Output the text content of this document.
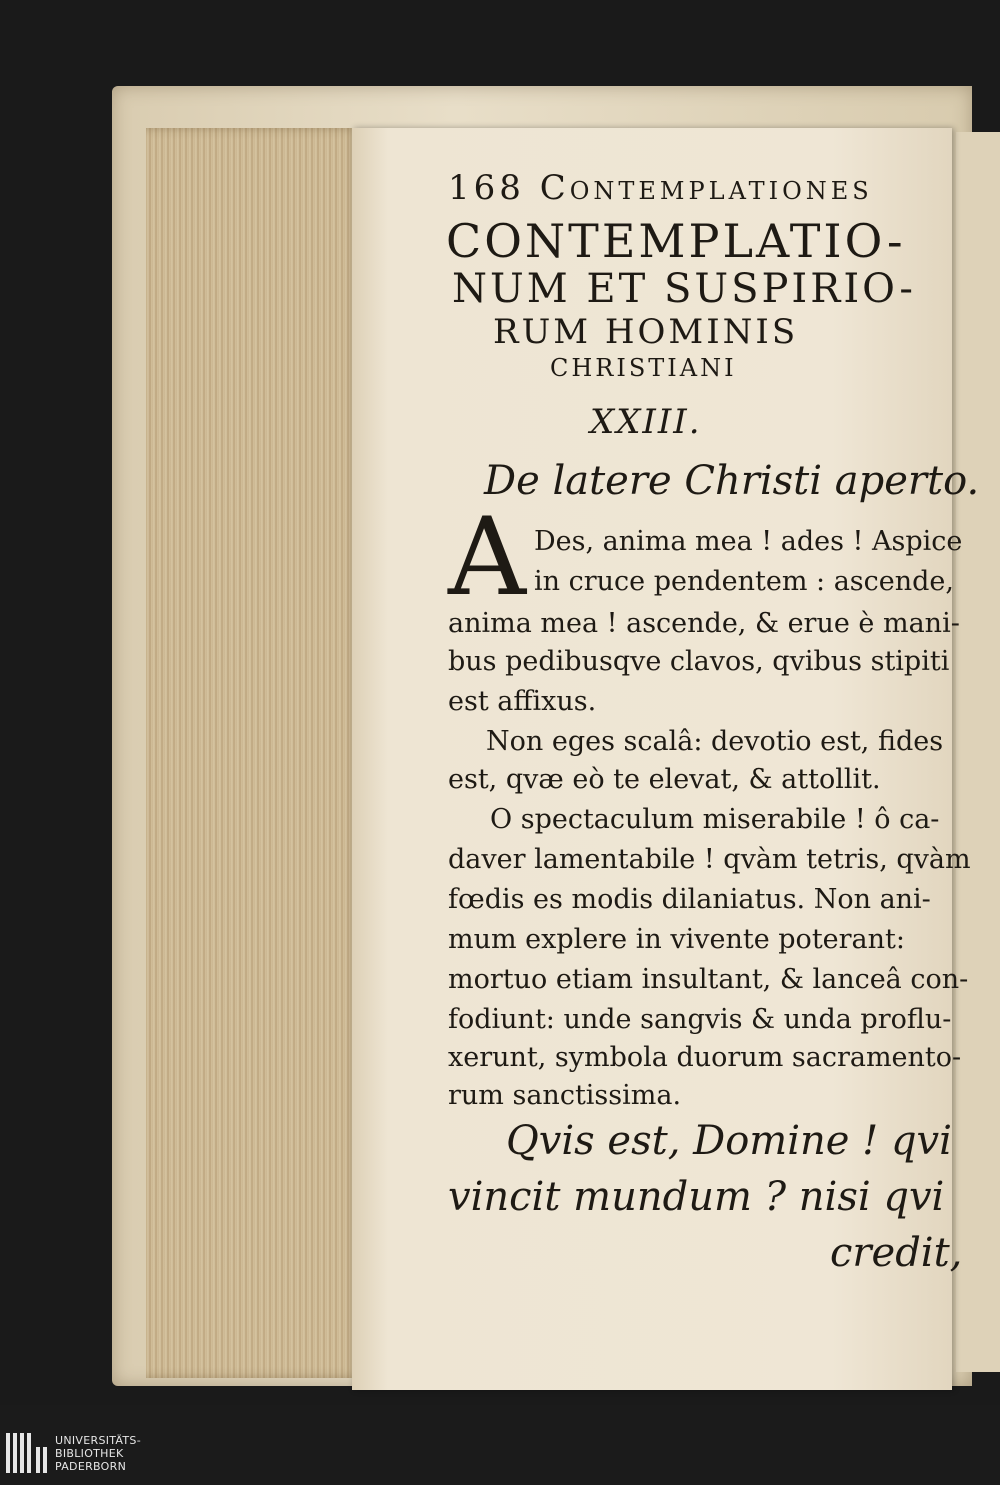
168 Contemplationes
CONTEMPLATIO-
NUM ET SUSPIRIO-
RUM HOMINIS
CHRISTIANI
XXIII.
De latere Christi aperto.
A Des, anima mea ! ades ! Aspice
in cruce pendentem : ascende,
anima mea ! ascende, & erue è mani-
bus pedibusqve clavos, qvibus stipiti
est affixus.
Non eges scalâ: devotio est, fides
est, qvæ eò te elevat, & attollit.
O spectaculum miserabile ! ô ca-
daver lamentabile ! qvàm tetris, qvàm
fœdis es modis dilaniatus. Non ani-
mum explere in vivente poterant:
mortuo etiam insultant, & lanceâ con-
fodiunt: unde sangvis & unda proflu-
xerunt, symbola duorum sacramento-
rum sanctissima.
Qvis est, Domine ! qvi
vincit mundum ? nisi qvi
credit,
UNIVERSITÄTS-
BIBLIOTHEK
PADERBORN
